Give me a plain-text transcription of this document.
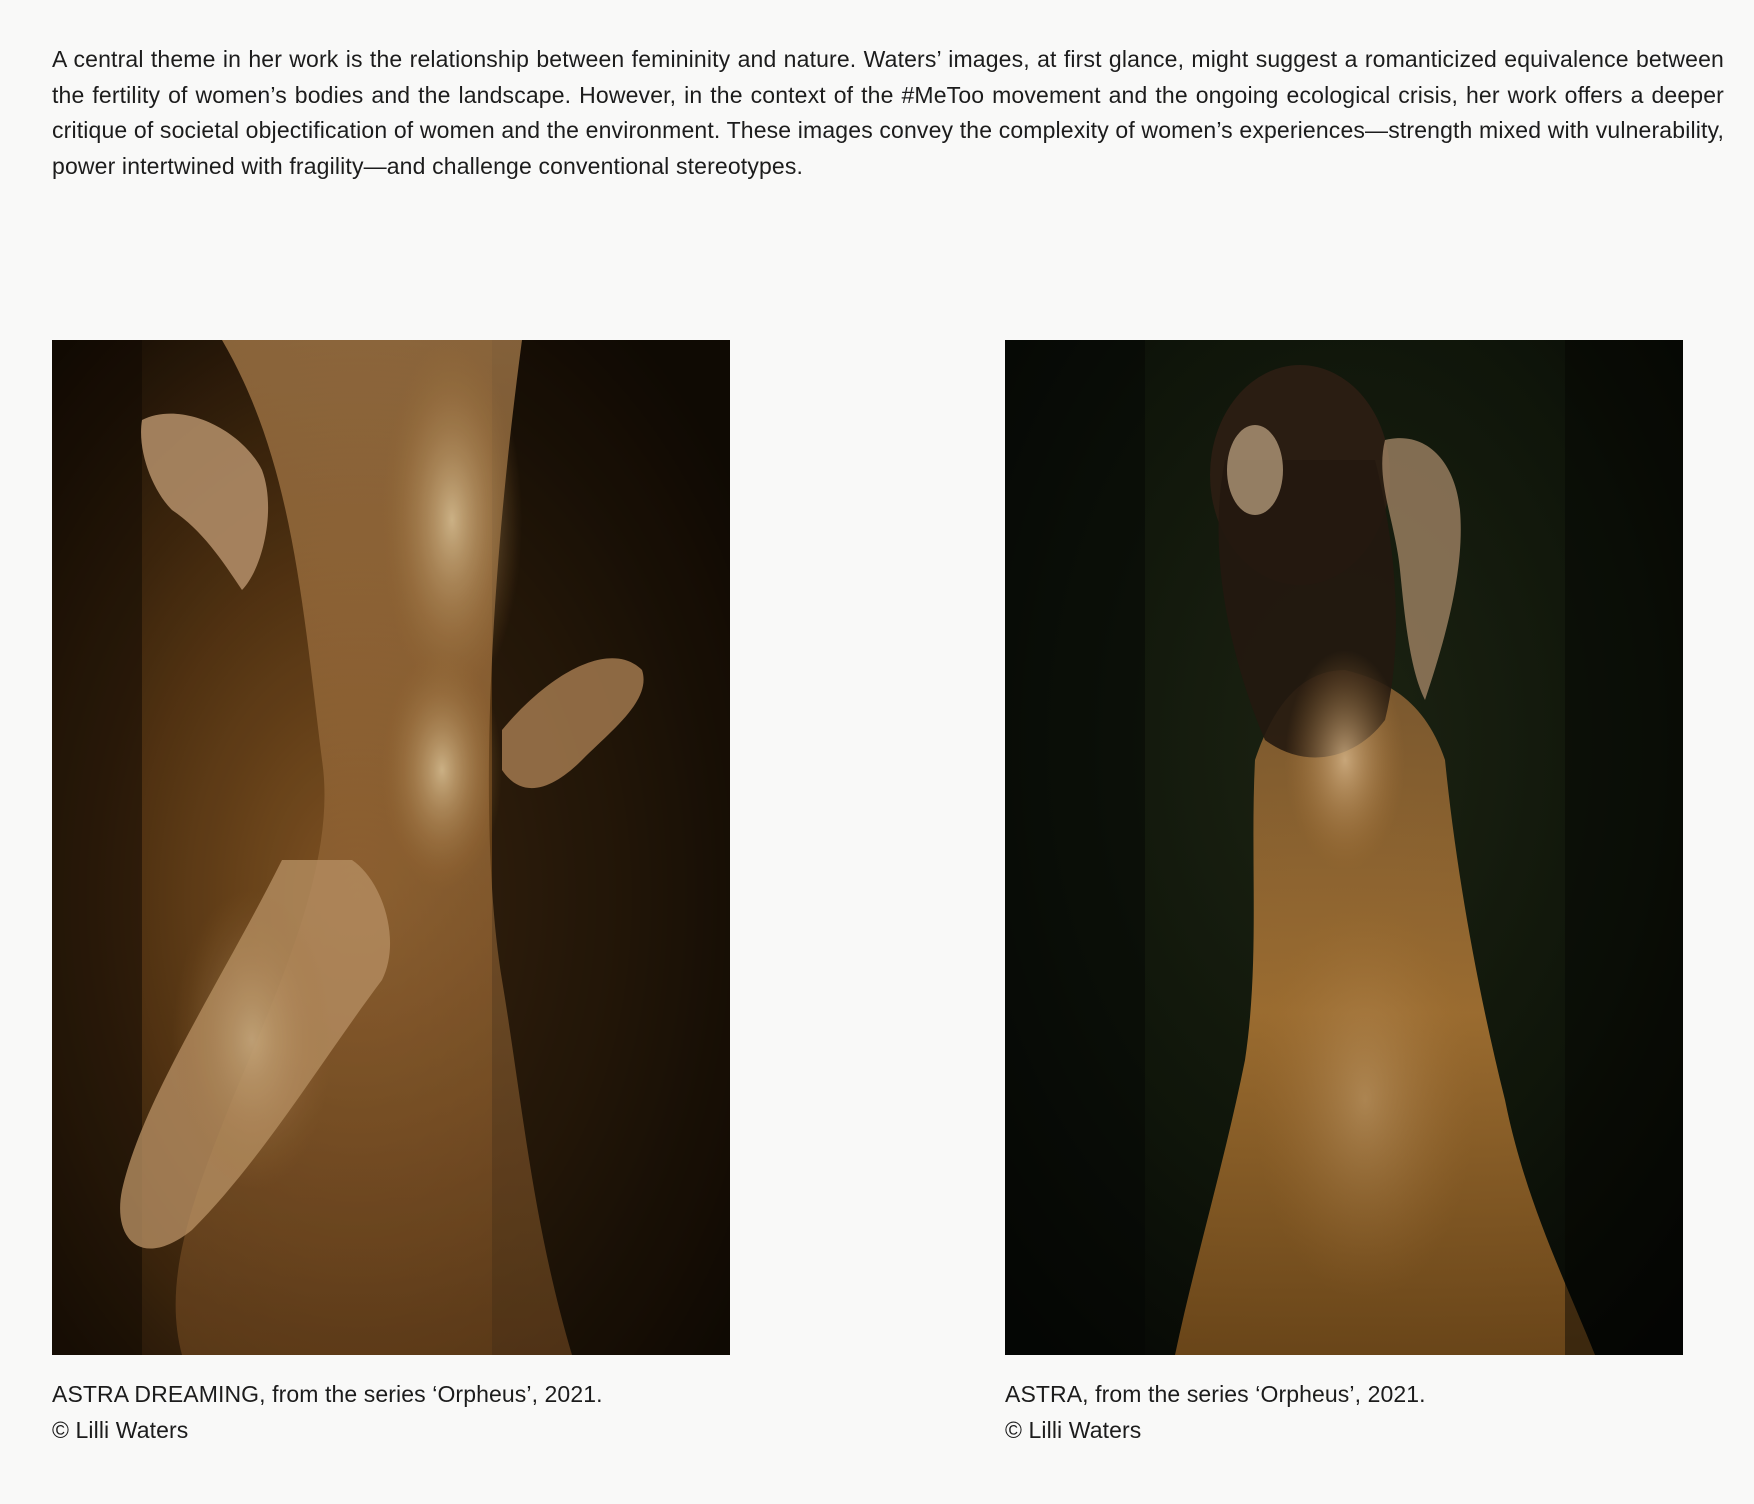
A central theme in her work is the relationship between femininity and nature. Waters’ images, at first glance, might suggest a romanticized equivalence between the fertility of women’s bodies and the landscape. However, in the context of the #MeToo movement and the ongoing ecological crisis, her work offers a deeper critique of societal objectification of women and the environment. These images convey the complexity of women’s experiences—strength mixed with vulnerability, power intertwined with fragility—and challenge conventional stereotypes.

ASTRA DREAMING, from the series ‘Orpheus’, 2021.
© Lilli Waters
ASTRA, from the series ‘Orpheus’, 2021.
© Lilli Waters
